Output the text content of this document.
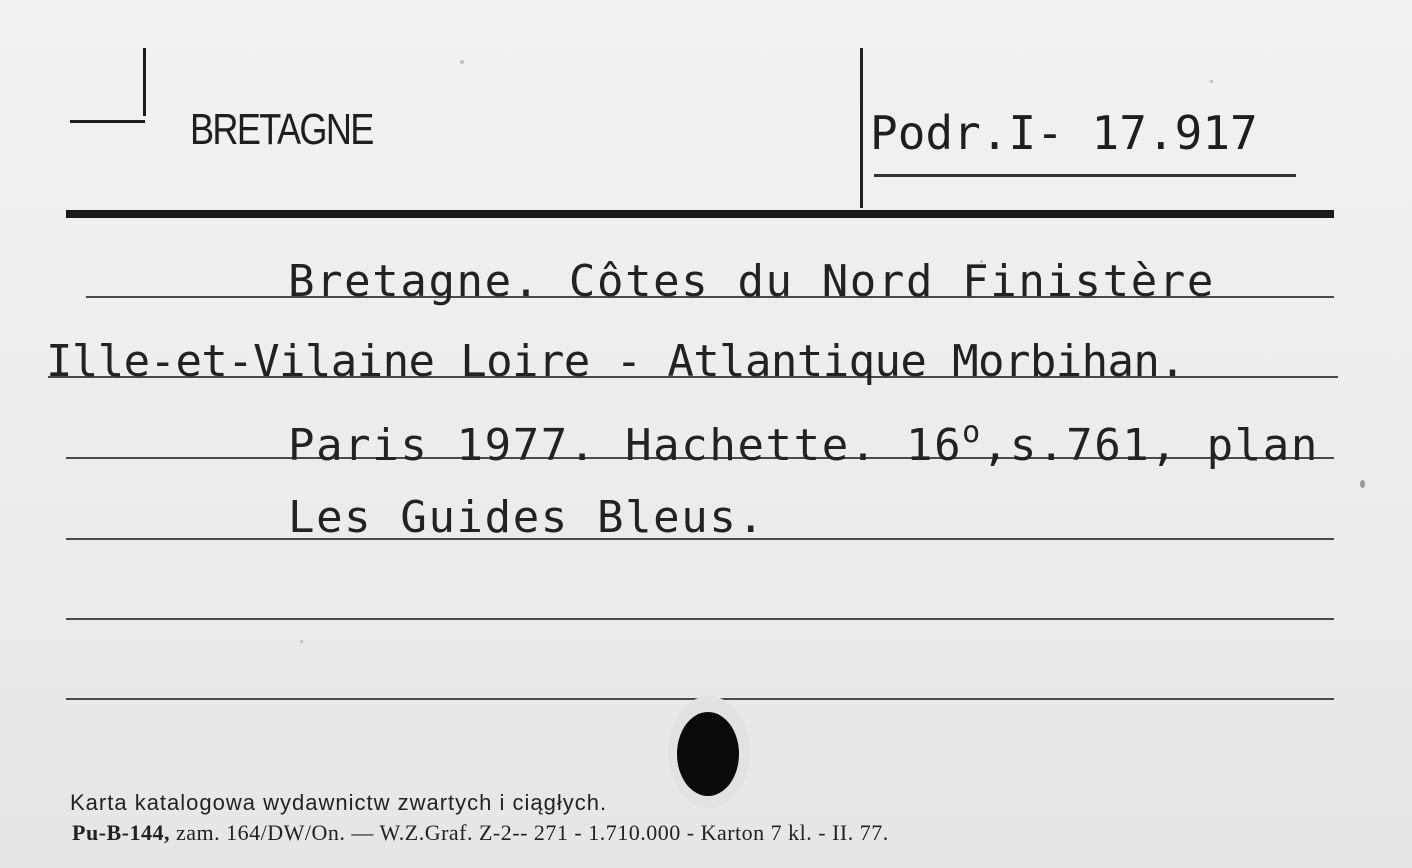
BRETAGNE	Podr.I- 17.917
Bretagne. Côtes du Nord Finistère
Ille-et-Vilaine Loire - Atlantique Morbihan.
Paris 1977. Hachette. 16$^o$,s.761, plan
Les Guides Bleus.
Karta katalogowa wydawnictw zwartych i ciągłych.
Pu-B-144, zam. 164/DW/On. — W.Z.Graf. Z-2-- 271 - 1.710.000 - Karton 7 kl. - II. 77.
